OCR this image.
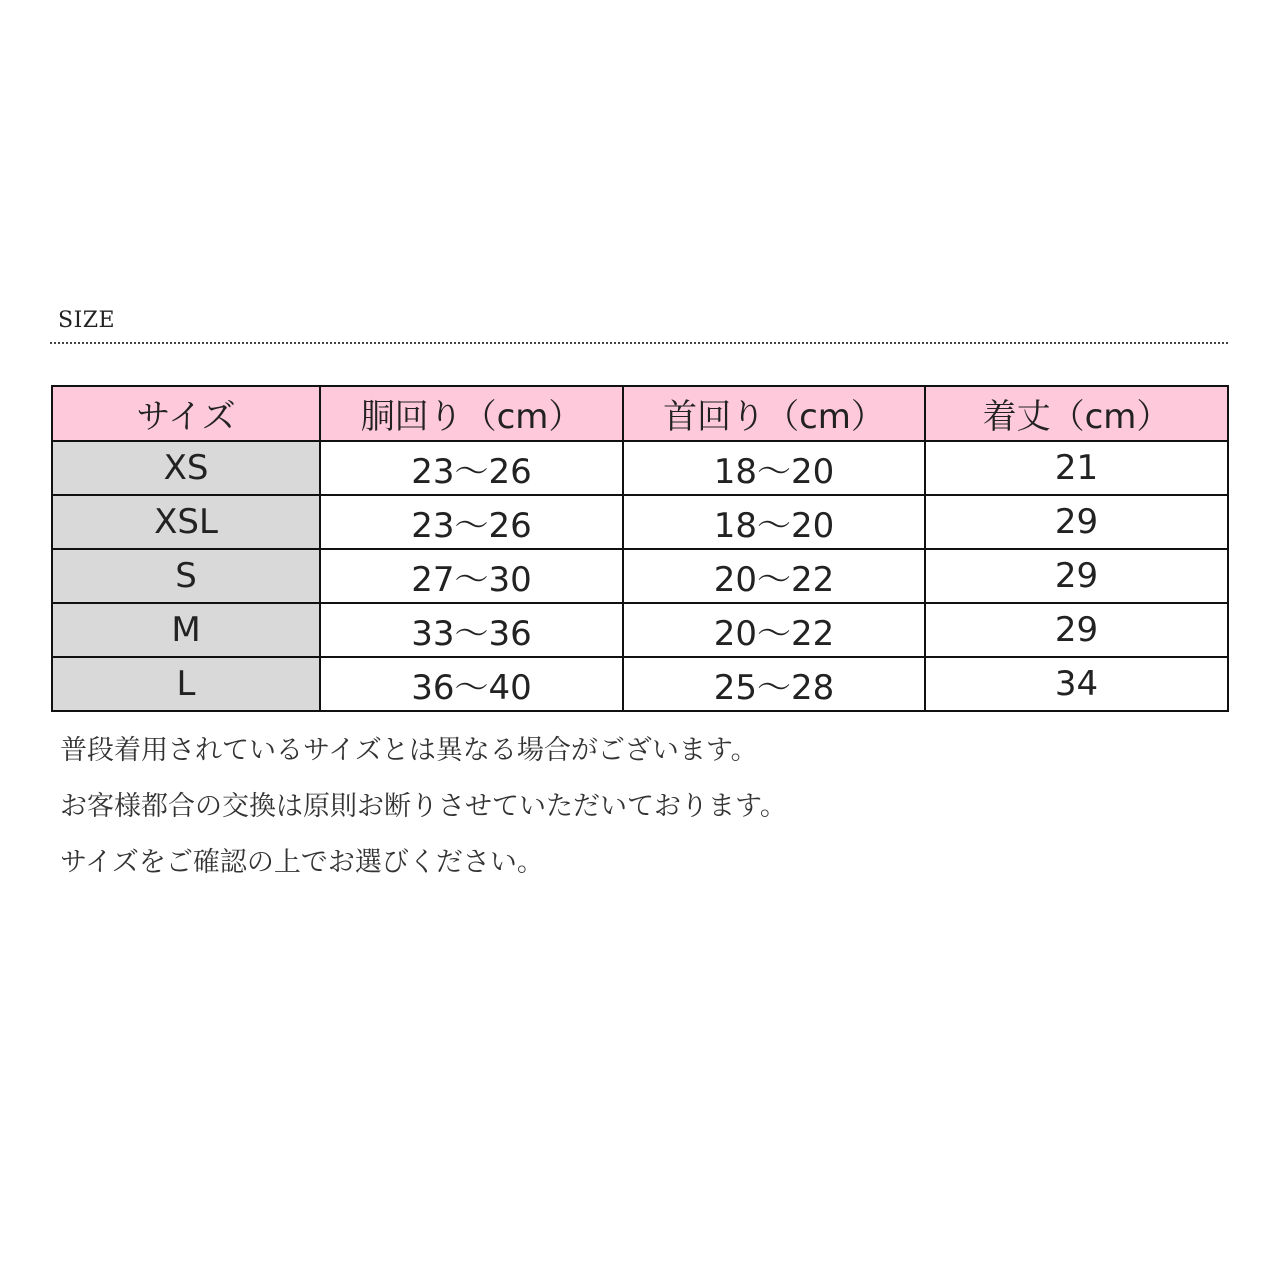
SIZE
サイズ	胴回り（cm）	首回り（cm）	着丈（cm）
XS	23～26	18～20	21
XSL	23～26	18～20	29
S	27～30	20～22	29
M	33～36	20～22	29
L	36～40	25～28	34
普段着用されているサイズとは異なる場合がございます。
お客様都合の交換は原則お断りさせていただいております。
サイズをご確認の上でお選びください。
